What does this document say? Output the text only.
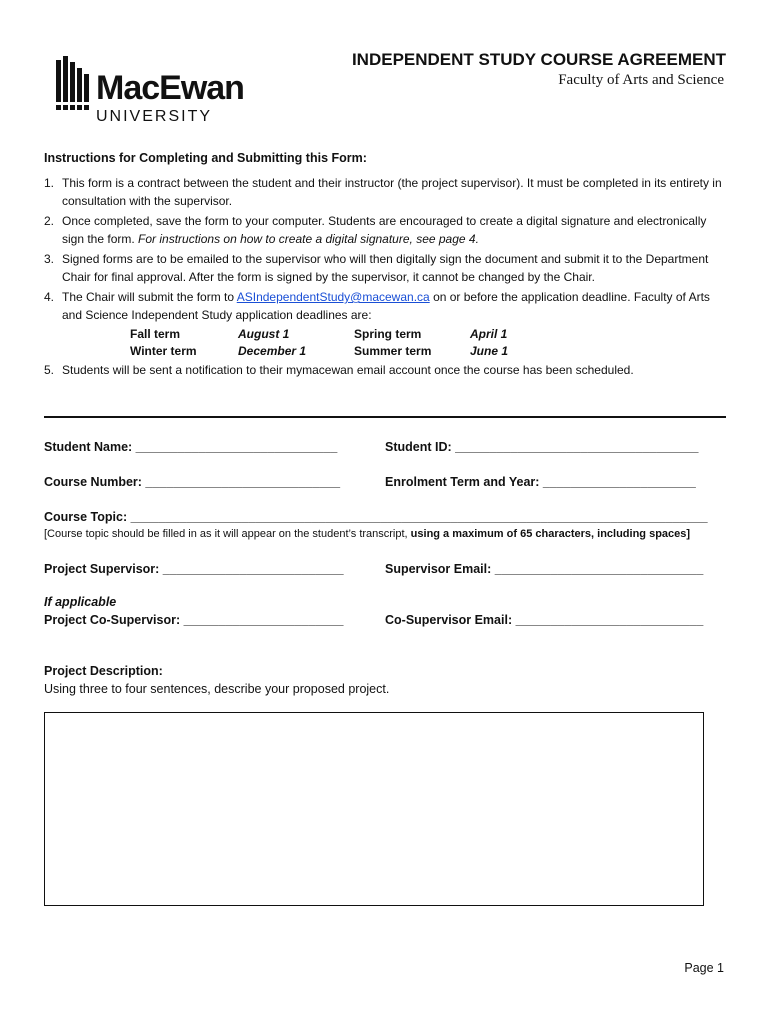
MacEwan
UNIVERSITY
INDEPENDENT STUDY COURSE AGREEMENT
Faculty of Arts and Science
Instructions for Completing and Submitting this Form:
1. This form is a contract between the student and their instructor (the project supervisor). It must be completed in its entirety in consultation with the supervisor.
2. Once completed, save the form to your computer. Students are encouraged to create a digital signature and electronically sign the form. For instructions on how to create a digital signature, see page 4.
3. Signed forms are to be emailed to the supervisor who will then digitally sign the document and submit it to the Department Chair for final approval. After the form is signed by the supervisor, it cannot be changed by the Chair.
4. The Chair will submit the form to ASIndependentStudy@macewan.ca on or before the application deadline. Faculty of Arts and Science Independent Study application deadlines are:
Fall term	August 1	Spring term	April 1
Winter term	December 1	Summer term	June 1
5. Students will be sent a notification to their mymacewan email account once the course has been scheduled.
Student Name: _____________________________	Student ID: ___________________________________
Course Number: ____________________________	Enrolment Term and Year: ______________________
Course Topic: ___________________________________________________________________________________
[Course topic should be filled in as it will appear on the student’s transcript, using a maximum of 65 characters, including spaces]
Project Supervisor: __________________________	Supervisor Email: ______________________________
If applicable
Project Co-Supervisor: _______________________	Co-Supervisor Email: ___________________________
Project Description:
Using three to four sentences, describe your proposed project.
Page 1
